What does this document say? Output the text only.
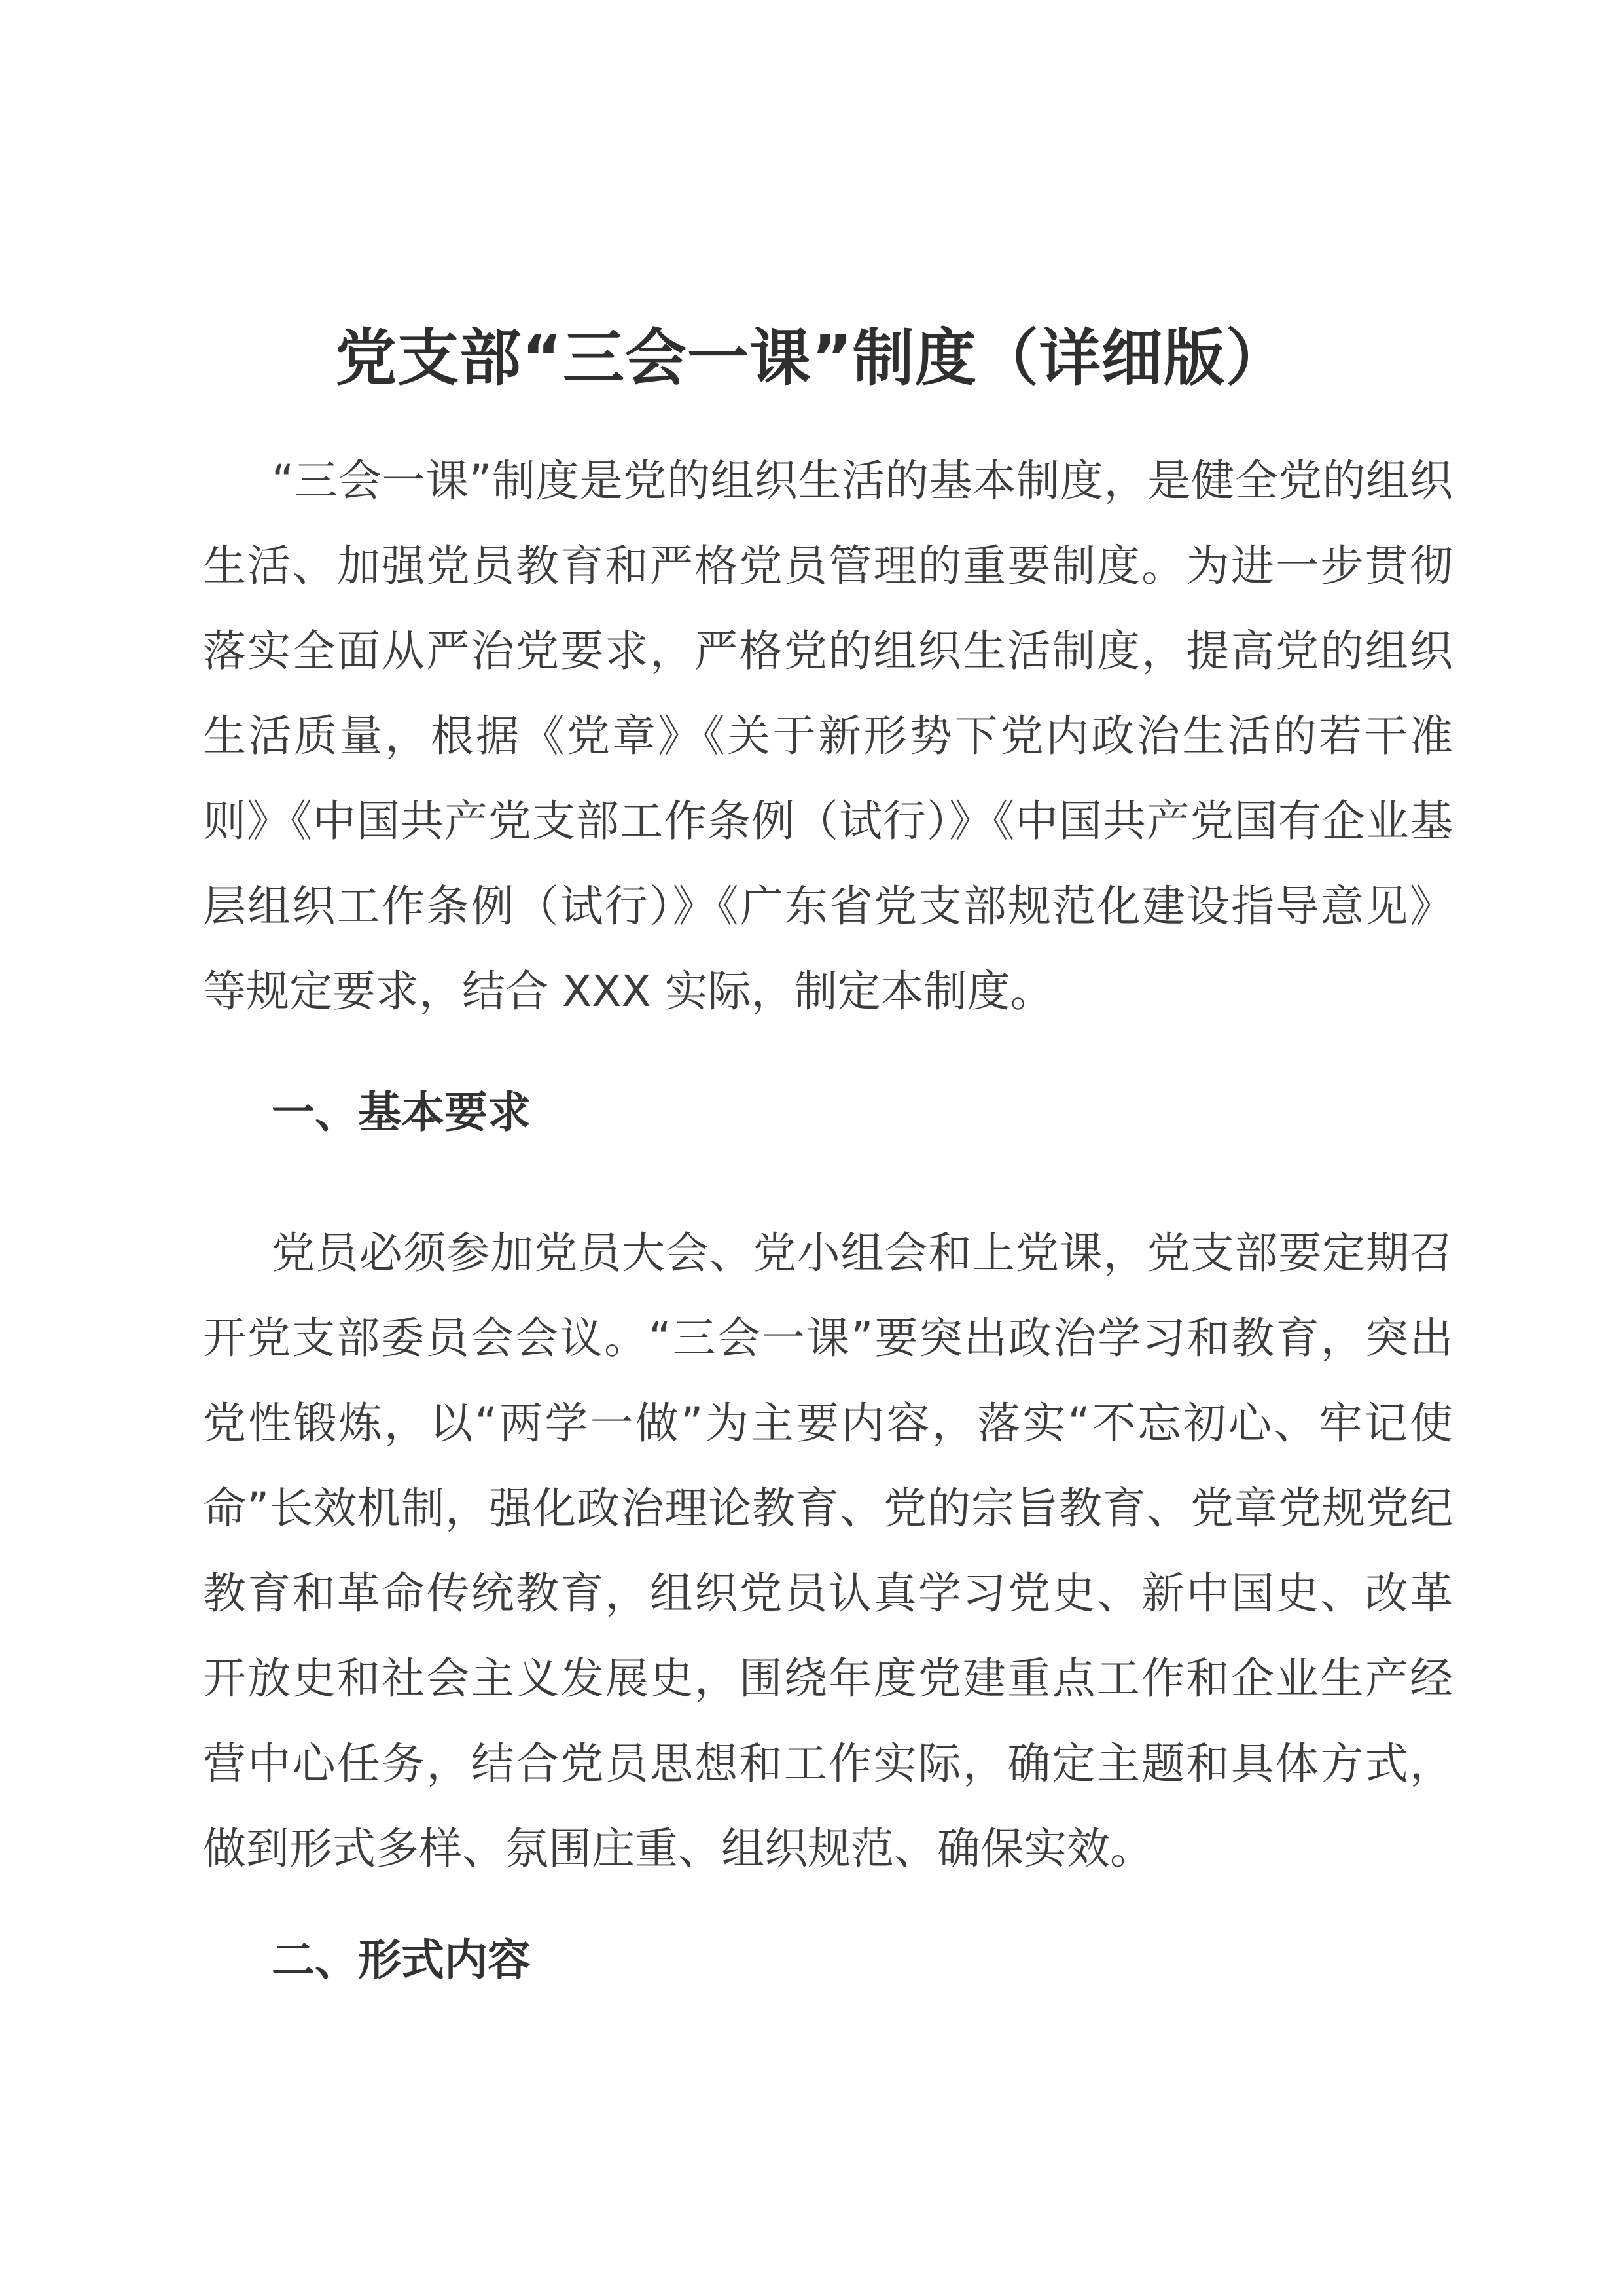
党支部“三会一课”制度（详细版）

“三会一课”制度是党的组织生活的基本制度，是健全党的组织生活、加强党员教育和严格党员管理的重要制度。为进一步贯彻落实全面从严治党要求，严格党的组织生活制度，提高党的组织生活质量，根据《党章》《关于新形势下党内政治生活的若干准则》《中国共产党支部工作条例（试行）》《中国共产党国有企业基层组织工作条例（试行）》《广东省党支部规范化建设指导意见》等规定要求，结合 XXX 实际，制定本制度。

一、基本要求

党员必须参加党员大会、党小组会和上党课，党支部要定期召开党支部委员会会议。“三会一课”要突出政治学习和教育，突出党性锻炼，以“两学一做”为主要内容，落实“不忘初心、牢记使命”长效机制，强化政治理论教育、党的宗旨教育、党章党规党纪教育和革命传统教育，组织党员认真学习党史、新中国史、改革开放史和社会主义发展史，围绕年度党建重点工作和企业生产经营中心任务，结合党员思想和工作实际，确定主题和具体方式，做到形式多样、氛围庄重、组织规范、确保实效。

二、形式内容
